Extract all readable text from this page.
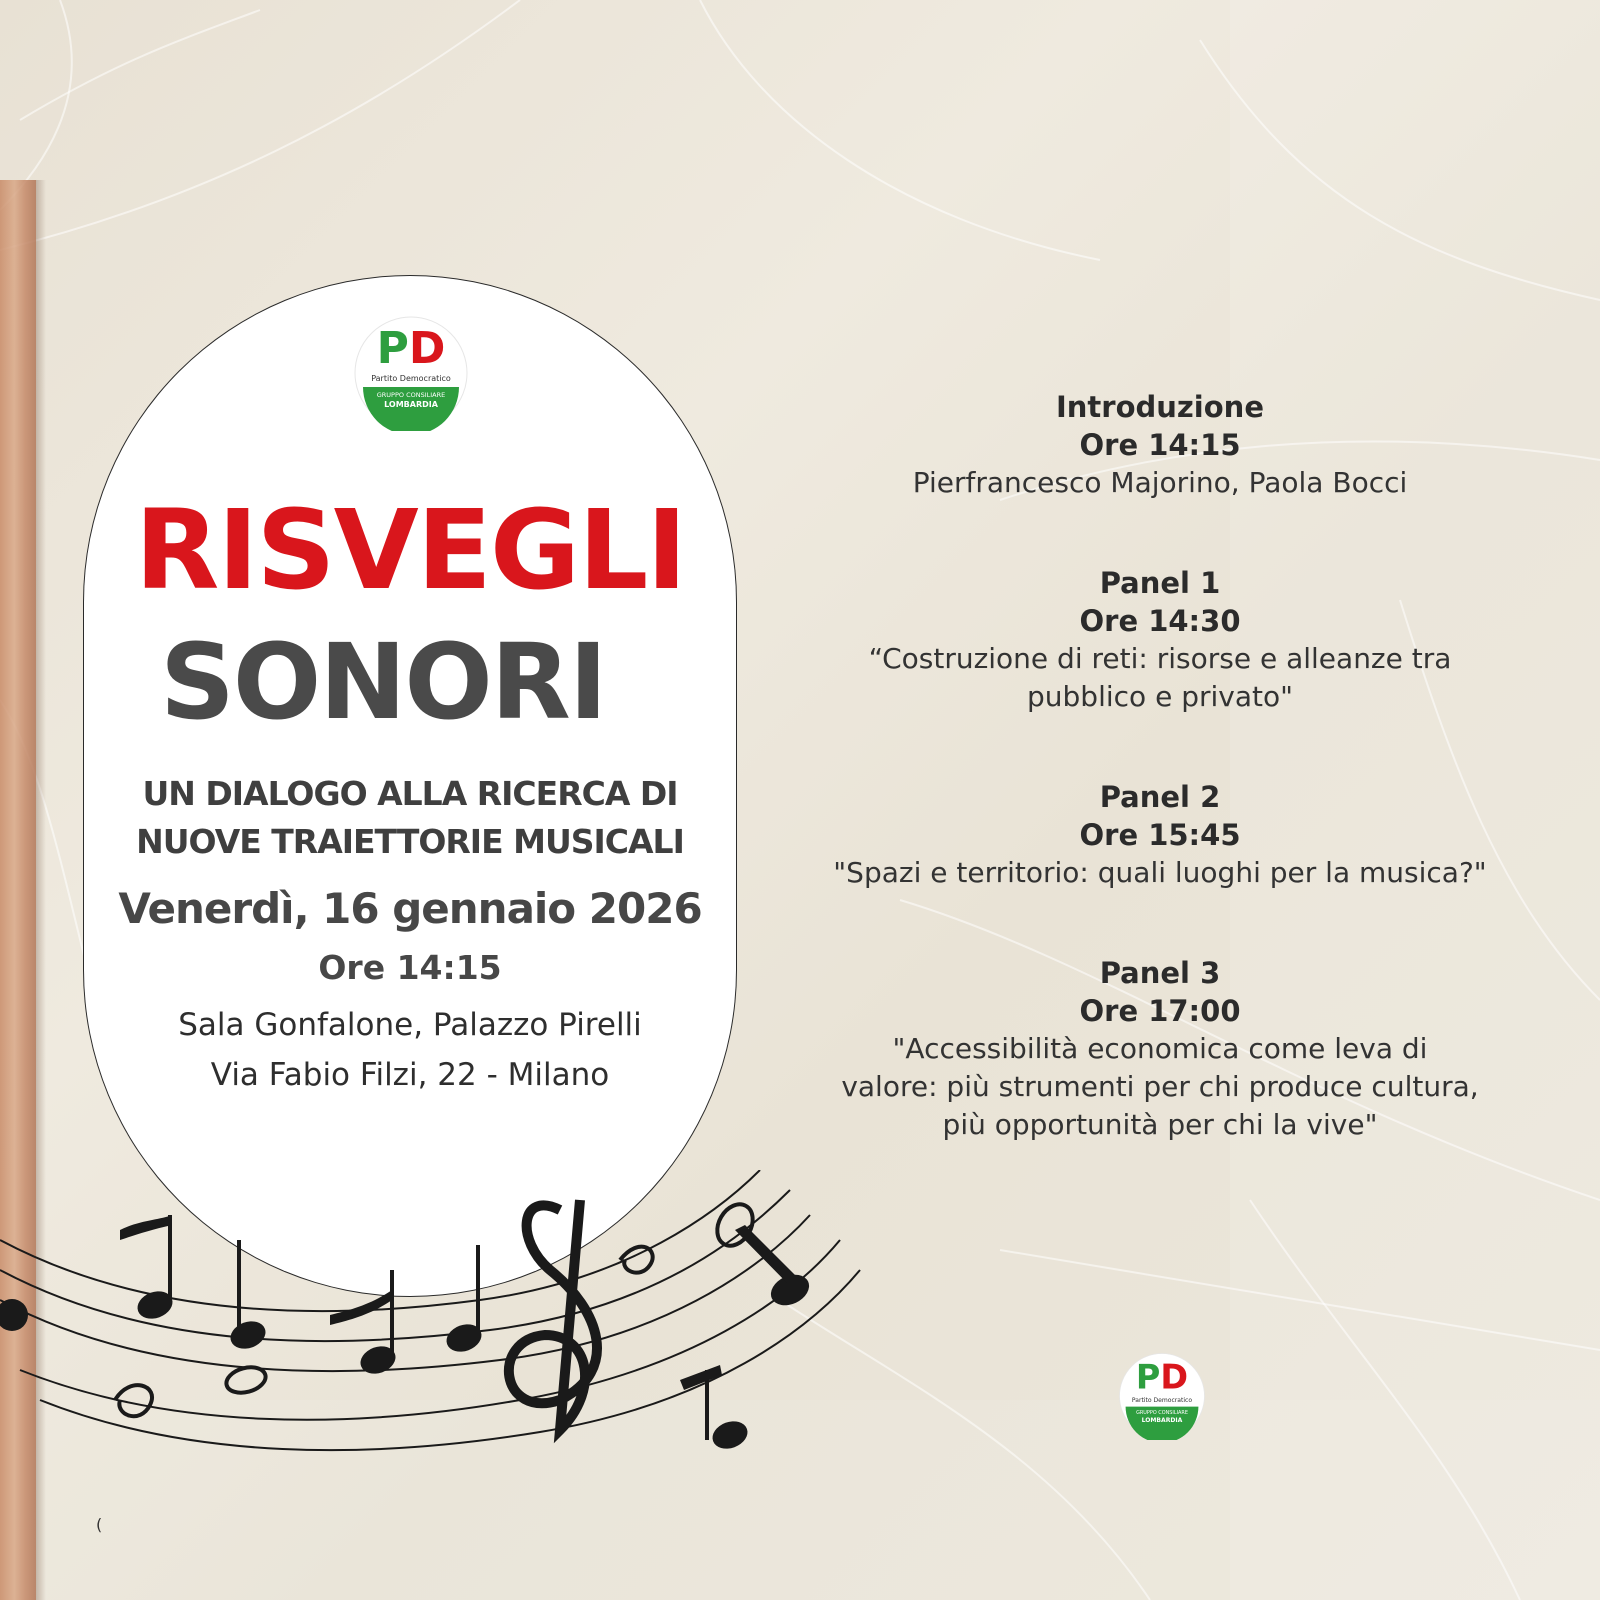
PD
Partito Democratico
GRUPPO CONSILIARE
LOMBARDIA
RISVEGLI
SONORI
UN DIALOGO ALLA RICERCA DI
NUOVE TRAIETTORIE MUSICALI
Venerdì, 16 gennaio 2026
Ore 14:15
Sala Gonfalone, Palazzo Pirelli
Via Fabio Filzi, 22 - Milano
Introduzione
Ore 14:15
Pierfrancesco Majorino, Paola Bocci
Panel 1
Ore 14:30
“Costruzione di reti: risorse e alleanze tra
pubblico e privato"
Panel 2
Ore 15:45
"Spazi e territorio: quali luoghi per la musica?"
Panel 3
Ore 17:00
"Accessibilità economica come leva di
valore: più strumenti per chi produce cultura,
più opportunità per chi la vive"
PD
Partito Democratico
GRUPPO CONSILIARE
LOMBARDIA
(
